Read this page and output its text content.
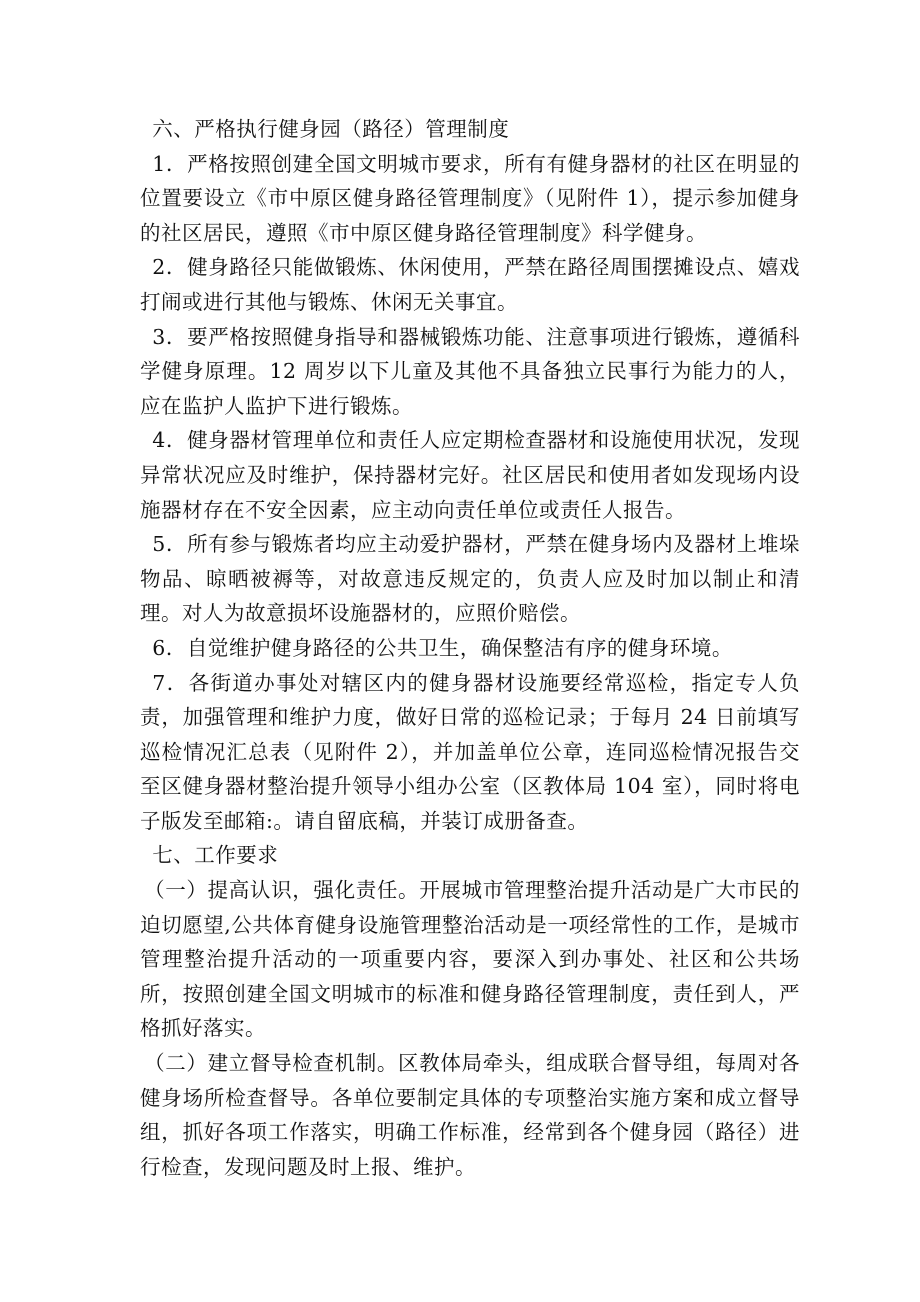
六、严格执行健身园（路径）管理制度

1．严格按照创建全国文明城市要求，所有有健身器材的社区在明显的位置要设立《市中原区健身路径管理制度》（见附件 1），提示参加健身的社区居民，遵照《市中原区健身路径管理制度》科学健身。

2．健身路径只能做锻炼、休闲使用，严禁在路径周围摆摊设点、嬉戏打闹或进行其他与锻炼、休闲无关事宜。

3．要严格按照健身指导和器械锻炼功能、注意事项进行锻炼，遵循科学健身原理。12 周岁以下儿童及其他不具备独立民事行为能力的人，应在监护人监护下进行锻炼。

4．健身器材管理单位和责任人应定期检查器材和设施使用状况，发现异常状况应及时维护，保持器材完好。社区居民和使用者如发现场内设施器材存在不安全因素，应主动向责任单位或责任人报告。

5．所有参与锻炼者均应主动爱护器材，严禁在健身场内及器材上堆垛物品、晾晒被褥等，对故意违反规定的，负责人应及时加以制止和清理。对人为故意损坏设施器材的，应照价赔偿。

6．自觉维护健身路径的公共卫生，确保整洁有序的健身环境。

7．各街道办事处对辖区内的健身器材设施要经常巡检，指定专人负责，加强管理和维护力度，做好日常的巡检记录；于每月 24 日前填写巡检情况汇总表（见附件 2），并加盖单位公章，连同巡检情况报告交至区健身器材整治提升领导小组办公室（区教体局 104 室），同时将电子版发至邮箱:。请自留底稿，并装订成册备查。

七、工作要求

（一）提高认识，强化责任。开展城市管理整治提升活动是广大市民的迫切愿望,公共体育健身设施管理整治活动是一项经常性的工作，是城市管理整治提升活动的一项重要内容，要深入到办事处、社区和公共场所，按照创建全国文明城市的标准和健身路径管理制度，责任到人，严格抓好落实。

（二）建立督导检查机制。区教体局牵头，组成联合督导组，每周对各健身场所检查督导。各单位要制定具体的专项整治实施方案和成立督导组，抓好各项工作落实，明确工作标准，经常到各个健身园（路径）进行检查，发现问题及时上报、维护。
